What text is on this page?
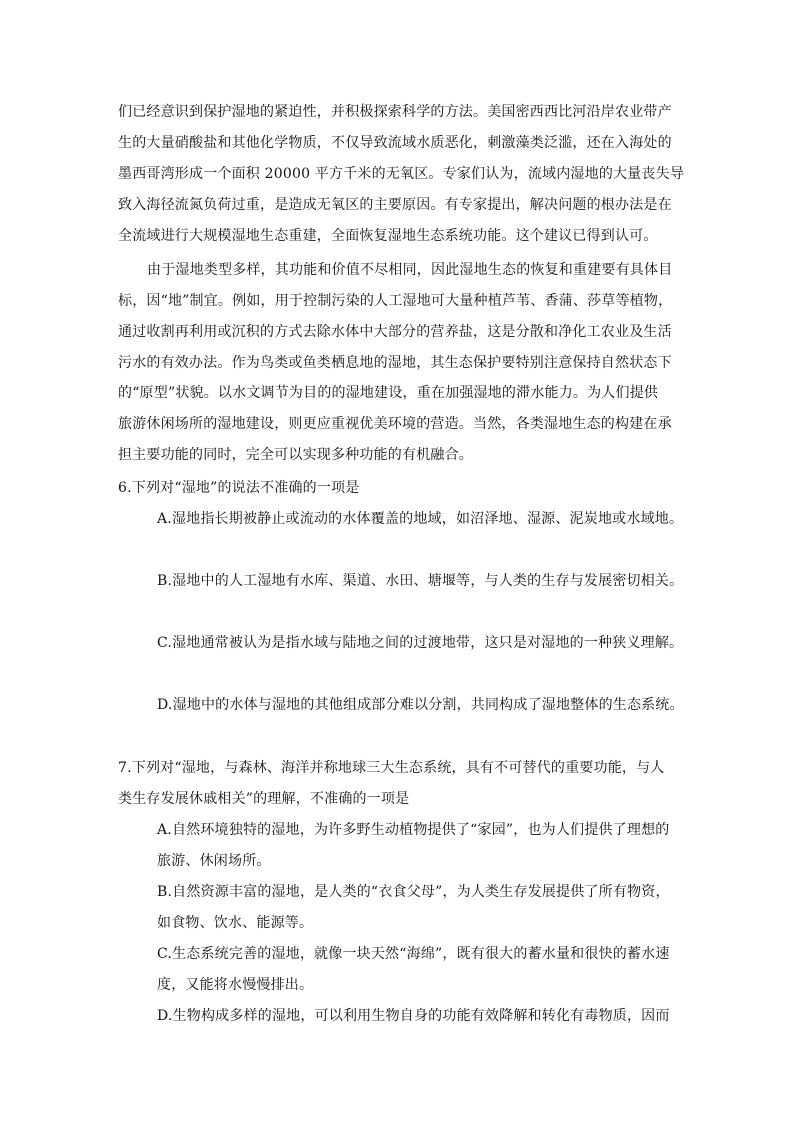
们已经意识到保护湿地的紧迫性，并积极探索科学的方法。美国密西西比河沿岸农业带产
生的大量硝酸盐和其他化学物质，不仅导致流域水质恶化，刺激藻类泛滥，还在入海处的
墨西哥湾形成一个面积 20000 平方千米的无氧区。专家们认为，流域内湿地的大量丧失导
致入海径流氮负荷过重，是造成无氧区的主要原因。有专家提出，解决问题的根办法是在
全流域进行大规模湿地生态重建，全面恢复湿地生态系统功能。这个建议已得到认可。
由于湿地类型多样，其功能和价值不尽相同，因此湿地生态的恢复和重建要有具体目
标，因“地”制宜。例如，用于控制污染的人工湿地可大量种植芦苇、香蒲、莎草等植物，
通过收割再利用或沉积的方式去除水体中大部分的营养盐，这是分散和净化工农业及生活
污水的有效办法。作为鸟类或鱼类栖息地的湿地，其生态保护要特别注意保持自然状态下
的“原型”状貌。以水文调节为目的的湿地建设，重在加强湿地的滞水能力。为人们提供
旅游休闲场所的湿地建设，则更应重视优美环境的营造。当然，各类湿地生态的构建在承
担主要功能的同时，完全可以实现多种功能的有机融合。
6.下列对“湿地”的说法不准确的一项是
A.湿地指长期被静止或流动的水体覆盖的地域，如沼泽地、湿源、泥炭地或水域地。
B.湿地中的人工湿地有水库、渠道、水田、塘堰等，与人类的生存与发展密切相关。
C.湿地通常被认为是指水域与陆地之间的过渡地带，这只是对湿地的一种狭义理解。
D.湿地中的水体与湿地的其他组成部分难以分割，共同构成了湿地整体的生态系统。
7.下列对“湿地，与森林、海洋并称地球三大生态系统，具有不可替代的重要功能，与人
类生存发展休戚相关”的理解，不准确的一项是
A.自然环境独特的湿地，为许多野生动植物提供了“家园”，也为人们提供了理想的
旅游、休闲场所。
B.自然资源丰富的湿地，是人类的“衣食父母”，为人类生存发展提供了所有物资，
如食物、饮水、能源等。
C.生态系统完善的湿地，就像一块天然“海绵”，既有很大的蓄水量和很快的蓄水速
度，又能将水慢慢排出。
D.生物构成多样的湿地，可以利用生物自身的功能有效降解和转化有毒物质，因而
